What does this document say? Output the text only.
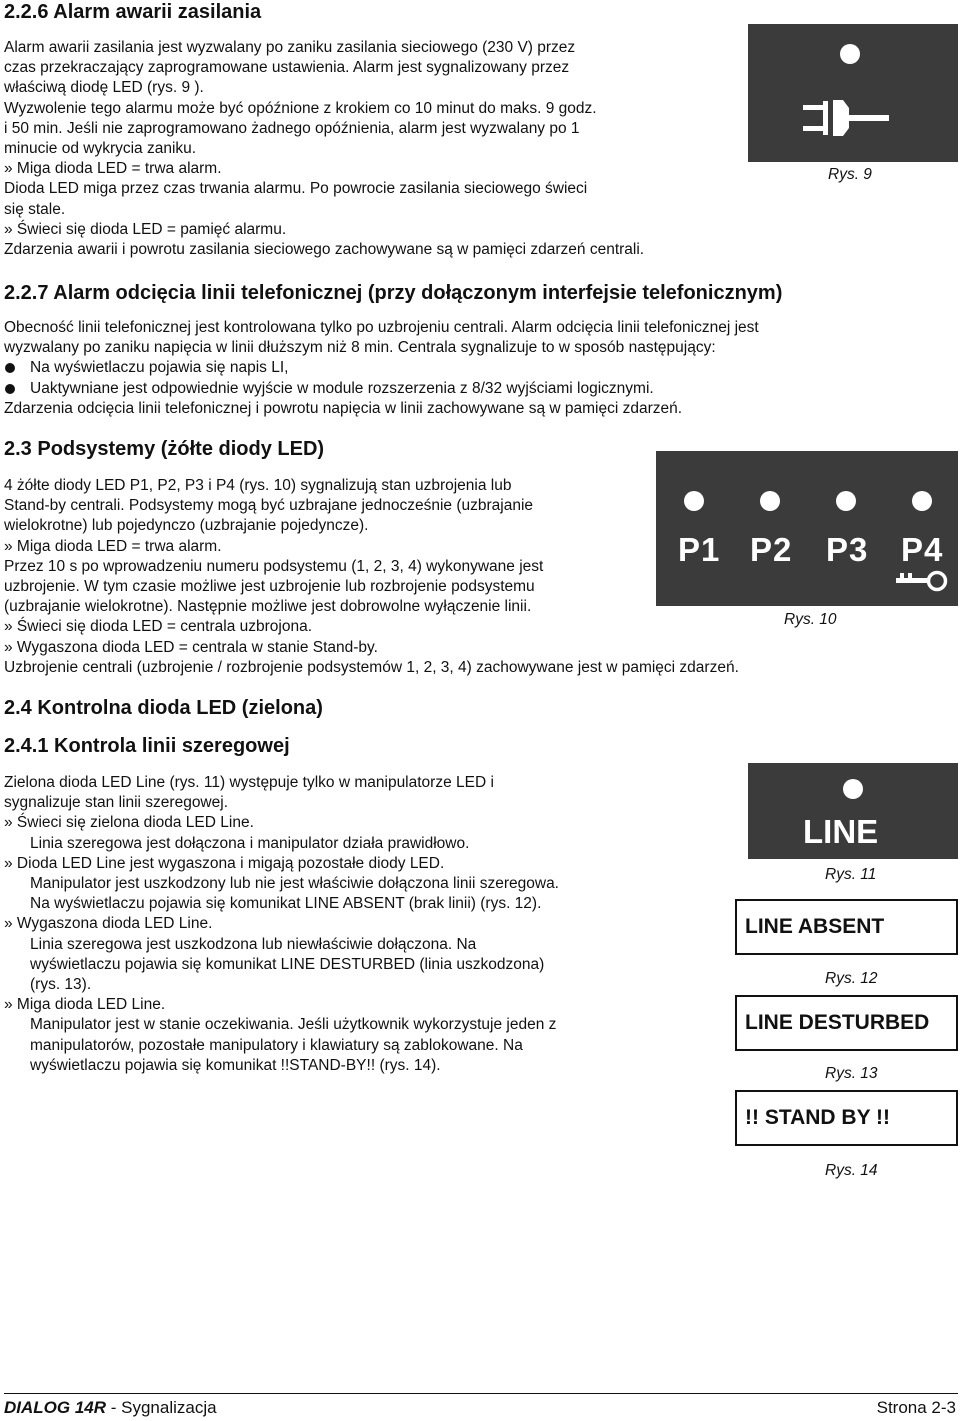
2.2.6 Alarm awarii zasilania
Alarm awarii zasilania jest wyzwalany po zaniku zasilania sieciowego (230 V) przez
czas przekraczający zaprogramowane ustawienia. Alarm jest sygnalizowany przez
właściwą diodę LED (rys. 9 ).
Wyzwolenie tego alarmu może być opóźnione z krokiem co 10 minut do maks. 9 godz.
i 50 min. Jeśli nie zaprogramowano żadnego opóźnienia, alarm jest wyzwalany po 1
minucie od wykrycia zaniku.
» Miga dioda LED = trwa alarm.
Dioda LED miga przez czas trwania alarmu. Po powrocie zasilania sieciowego świeci
się stale.
» Świeci się dioda LED = pamięć alarmu.
Zdarzenia awarii i powrotu zasilania sieciowego zachowywane są w pamięci zdarzeń centrali.
Rys. 9
2.2.7 Alarm odcięcia linii telefonicznej (przy dołączonym interfejsie telefonicznym)
Obecność linii telefonicznej jest kontrolowana tylko po uzbrojeniu centrali. Alarm odcięcia linii telefonicznej jest
wyzwalany po zaniku napięcia w linii dłuższym niż 8 min. Centrala sygnalizuje to w sposób następujący:
Na wyświetlaczu pojawia się napis LI,
Uaktywniane jest odpowiednie wyjście w module rozszerzenia z 8/32 wyjściami logicznymi.
Zdarzenia odcięcia linii telefonicznej i powrotu napięcia w linii zachowywane są w pamięci zdarzeń.
2.3 Podsystemy (żółte diody LED)
4 żółte diody LED P1, P2, P3 i P4 (rys. 10) sygnalizują stan uzbrojenia lub
Stand-by centrali. Podsystemy mogą być uzbrajane jednocześnie (uzbrajanie
wielokrotne) lub pojedynczo (uzbrajanie pojedyncze).
» Miga dioda LED = trwa alarm.
Przez 10 s po wprowadzeniu numeru podsystemu (1, 2, 3, 4) wykonywane jest
uzbrojenie. W tym czasie możliwe jest uzbrojenie lub rozbrojenie podsystemu
(uzbrajanie wielokrotne). Następnie możliwe jest dobrowolne wyłączenie linii.
» Świeci się dioda LED = centrala uzbrojona.
» Wygaszona dioda LED = centrala w stanie Stand-by.
Uzbrojenie centrali (uzbrojenie / rozbrojenie podsystemów 1, 2, 3, 4) zachowywane jest w pamięci zdarzeń.
P1 P2 P3 P4
Rys. 10
2.4 Kontrolna dioda LED (zielona)
2.4.1 Kontrola linii szeregowej
Zielona dioda LED Line (rys. 11) występuje tylko w manipulatorze LED i
sygnalizuje stan linii szeregowej.
» Świeci się zielona dioda LED Line.
Linia szeregowa jest dołączona i manipulator działa prawidłowo.
» Dioda LED Line jest wygaszona i migają pozostałe diody LED.
Manipulator jest uszkodzony lub nie jest właściwie dołączona linii szeregowa.
Na wyświetlaczu pojawia się komunikat LINE ABSENT (brak linii) (rys. 12).
» Wygaszona dioda LED Line.
Linia szeregowa jest uszkodzona lub niewłaściwie dołączona. Na
wyświetlaczu pojawia się komunikat LINE DESTURBED (linia uszkodzona)
(rys. 13).
» Miga dioda LED Line.
Manipulator jest w stanie oczekiwania. Jeśli użytkownik wykorzystuje jeden z
manipulatorów, pozostałe manipulatory i klawiatury są zablokowane. Na
wyświetlaczu pojawia się komunikat !!STAND-BY!! (rys. 14).
LINE
Rys. 11
LINE ABSENT
Rys. 12
LINE DESTURBED
Rys. 13
!! STAND BY !!
Rys. 14
DIALOG 14R - Sygnalizacja	Strona 2-3
